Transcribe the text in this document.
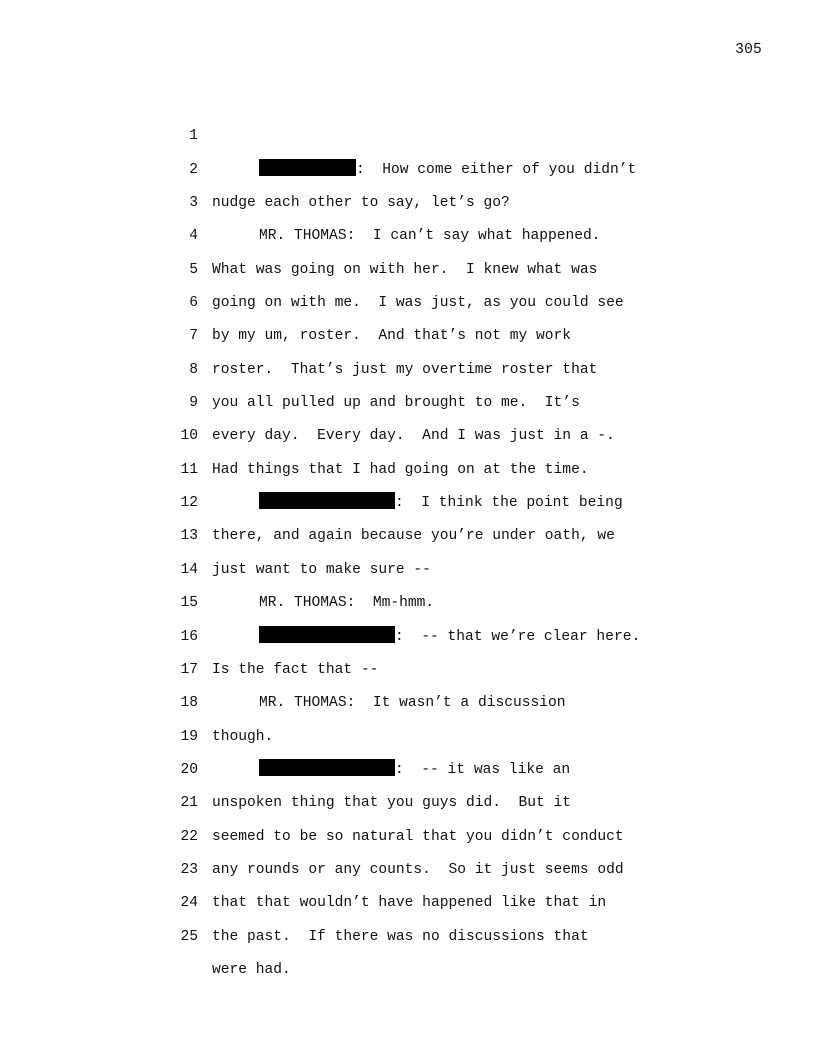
305

1

:  How come either of you didn’t

2

nudge each other to say, let’s go?

3

MR. THOMAS:  I can’t say what happened.

4

What was going on with her.  I knew what was

5

going on with me.  I was just, as you could see

6

by my um, roster.  And that’s not my work

7

roster.  That’s just my overtime roster that

8

you all pulled up and brought to me.  It’s

9

every day.  Every day.  And I was just in a -.

10

Had things that I had going on at the time.

11

:  I think the point being

12

there, and again because you’re under oath, we

13

just want to make sure --

14

MR. THOMAS:  Mm-hmm.

15

:  -- that we’re clear here.

16

Is the fact that --

17

MR. THOMAS:  It wasn’t a discussion

18

though.

19

:  -- it was like an

20

unspoken thing that you guys did.  But it

21

seemed to be so natural that you didn’t conduct

22

any rounds or any counts.  So it just seems odd

23

that that wouldn’t have happened like that in

24

the past.  If there was no discussions that

25

were had.
